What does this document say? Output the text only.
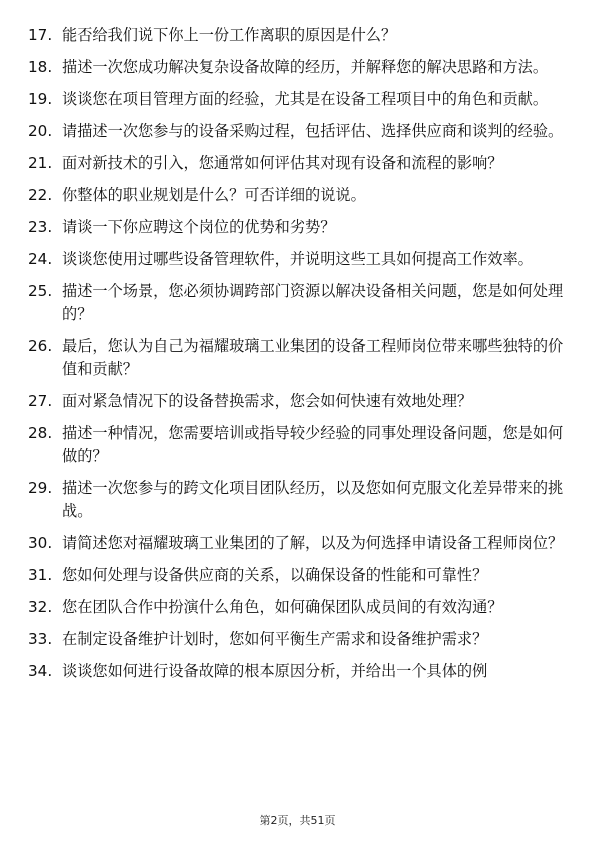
17. 能否给我们说下你上一份工作离职的原因是什么？
18. 描述一次您成功解决复杂设备故障的经历，并解释您的解决思路和方法。
19. 谈谈您在项目管理方面的经验，尤其是在设备工程项目中的角色和贡献。
20. 请描述一次您参与的设备采购过程，包括评估、选择供应商和谈判的经验。
21. 面对新技术的引入，您通常如何评估其对现有设备和流程的影响？
22. 你整体的职业规划是什么？可否详细的说说。
23. 请谈一下你应聘这个岗位的优势和劣势？
24. 谈谈您使用过哪些设备管理软件，并说明这些工具如何提高工作效率。
25. 描述一个场景，您必须协调跨部门资源以解决设备相关问题，您是如何处理的？
26. 最后，您认为自己为福耀玻璃工业集团的设备工程师岗位带来哪些独特的价值和贡献？
27. 面对紧急情况下的设备替换需求，您会如何快速有效地处理？
28. 描述一种情况，您需要培训或指导较少经验的同事处理设备问题，您是如何做的？
29. 描述一次您参与的跨文化项目团队经历，以及您如何克服文化差异带来的挑战。
30. 请简述您对福耀玻璃工业集团的了解，以及为何选择申请设备工程师岗位？
31. 您如何处理与设备供应商的关系，以确保设备的性能和可靠性？
32. 您在团队合作中扮演什么角色，如何确保团队成员间的有效沟通？
33. 在制定设备维护计划时，您如何平衡生产需求和设备维护需求？
34. 谈谈您如何进行设备故障的根本原因分析，并给出一个具体的例
第2页，共51页
